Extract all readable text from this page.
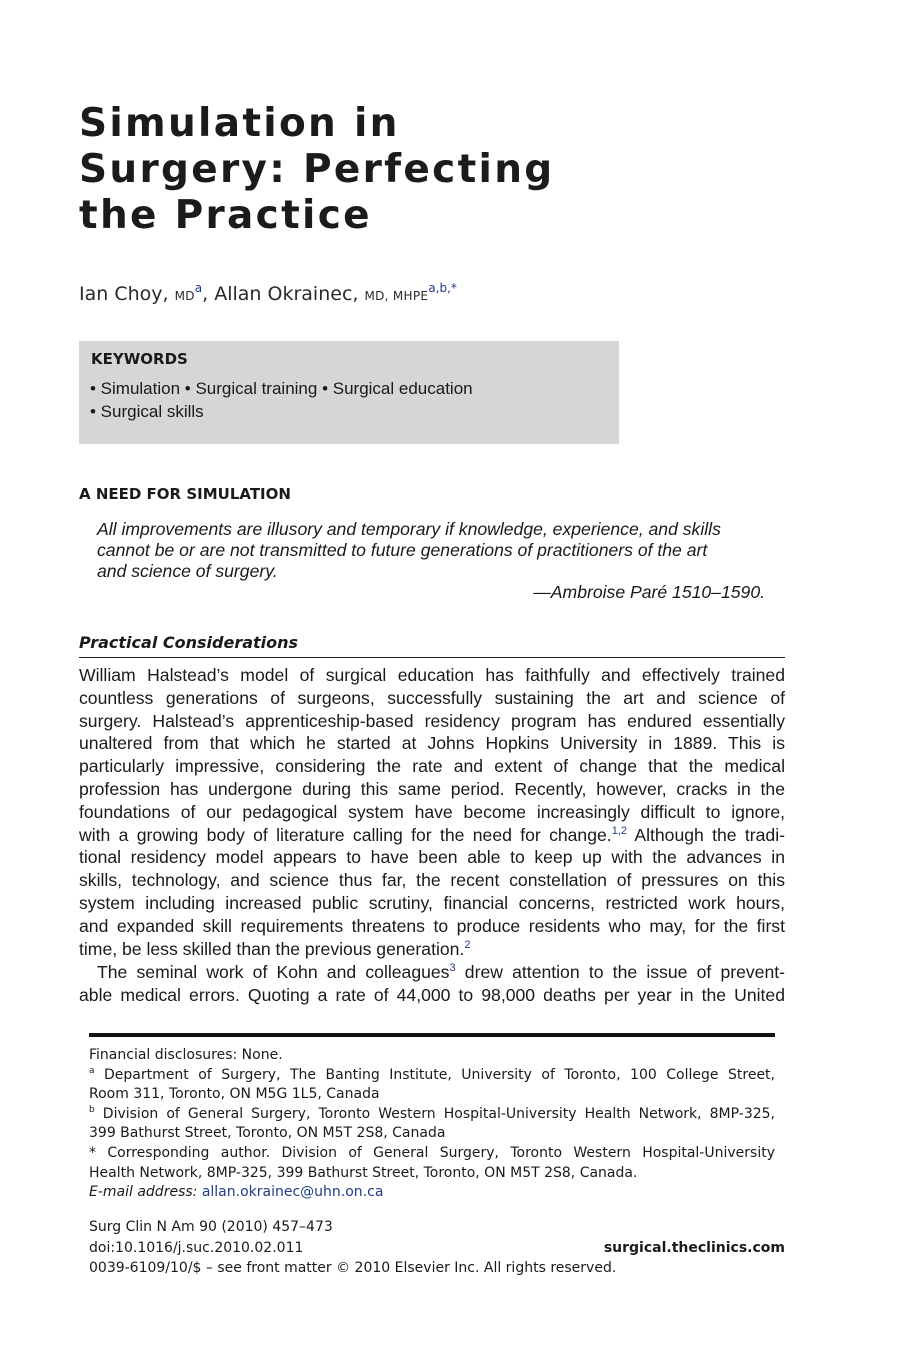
Simulation in
Surgery: Perfecting
the Practice
Ian Choy, $MD^a$, Allan Okrainec, MD, $MHPE^{a,b,*}$
KEYWORDS
• Simulation • Surgical training • Surgical education
• Surgical skills
A NEED FOR SIMULATION
All improvements are illusory and temporary if knowledge, experience, and skills
cannot be or are not transmitted to future generations of practitioners of the art
and science of surgery.
—Ambroise Paré 1510–1590.
Practical Considerations
William Halstead’s model of surgical education has faithfully and effectively trained
countless generations of surgeons, successfully sustaining the art and science of
surgery. Halstead’s apprenticeship-based residency program has endured essentially
unaltered from that which he started at Johns Hopkins University in 1889. This is
particularly impressive, considering the rate and extent of change that the medical
profession has undergone during this same period. Recently, however, cracks in the
foundations of our pedagogical system have become increasingly difficult to ignore,
with a growing body of literature calling for the need for change.$^{1,2}$ Although the tradi-
tional residency model appears to have been able to keep up with the advances in
skills, technology, and science thus far, the recent constellation of pressures on this
system including increased public scrutiny, financial concerns, restricted work hours,
and expanded skill requirements threatens to produce residents who may, for the first
time, be less skilled than the previous generation.$^2$
The seminal work of Kohn and colleagues$^3$ drew attention to the issue of prevent-
able medical errors. Quoting a rate of 44,000 to 98,000 deaths per year in the United
Financial disclosures: None.
$^a$ Department of Surgery, The Banting Institute, University of Toronto, 100 College Street,
Room 311, Toronto, ON M5G 1L5, Canada
$^b$ Division of General Surgery, Toronto Western Hospital-University Health Network, 8MP-325,
399 Bathurst Street, Toronto, ON M5T 2S8, Canada
* Corresponding author. Division of General Surgery, Toronto Western Hospital-University
Health Network, 8MP-325, 399 Bathurst Street, Toronto, ON M5T 2S8, Canada.
E-mail address: allan.okrainec@uhn.on.ca
Surg Clin N Am 90 (2010) 457–473
doi:10.1016/j.suc.2010.02.011	surgical.theclinics.com
0039-6109/10/$ – see front matter © 2010 Elsevier Inc. All rights reserved.
